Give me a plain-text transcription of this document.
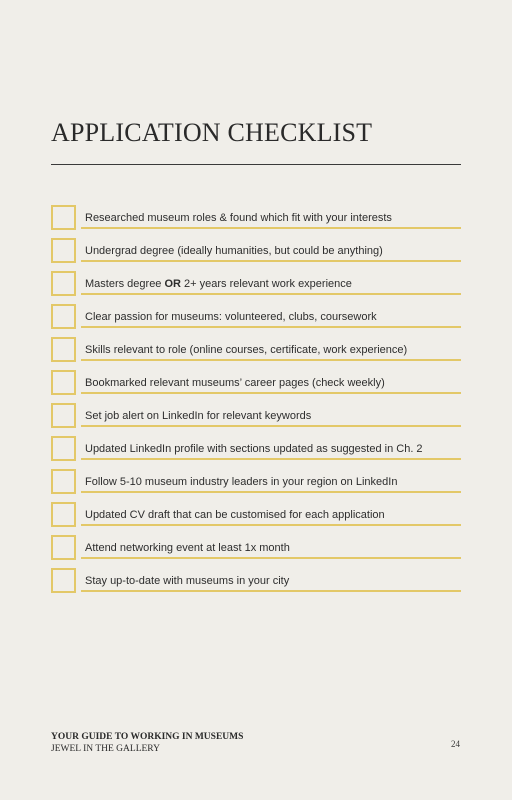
APPLICATION CHECKLIST
Researched museum roles & found which fit with your interests
Undergrad degree (ideally humanities, but could be anything)
Masters degree OR 2+ years relevant work experience
Clear passion for museums: volunteered, clubs, coursework
Skills relevant to role (online courses, certificate, work experience)
Bookmarked relevant museums’ career pages (check weekly)
Set job alert on LinkedIn for relevant keywords
Updated LinkedIn profile with sections updated as suggested in Ch. 2
Follow 5-10 museum industry leaders in your region on LinkedIn
Updated CV draft that can be customised for each application
Attend networking event at least 1x month
Stay up-to-date with museums in your city
YOUR GUIDE TO WORKING IN MUSEUMS
JEWEL IN THE GALLERY	24
